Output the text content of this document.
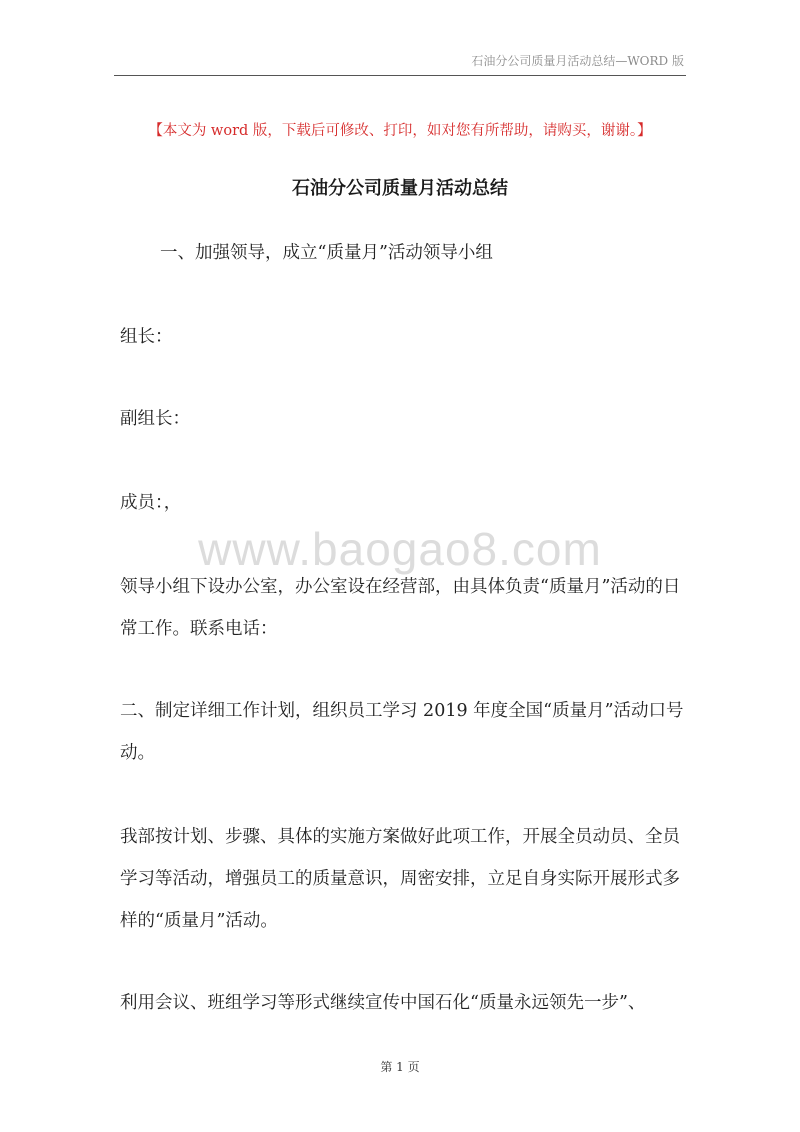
石油分公司质量月活动总结—WORD 版
【本文为 word 版，下载后可修改、打印，如对您有所帮助，请购买，谢谢。】
石油分公司质量月活动总结
一、加强领导，成立“质量月”活动领导小组
组长：
副组长：
成员：，
领导小组下设办公室，办公室设在经营部，由具体负责“质量月”活动的日常工作。联系电话：
二、制定详细工作计划，组织员工学习 2019 年度全国“质量月”活动口号动。
我部按计划、步骤、具体的实施方案做好此项工作，开展全员动员、全员学习等活动，增强员工的质量意识，周密安排，立足自身实际开展形式多样的“质量月”活动。
利用会议、班组学习等形式继续宣传中国石化“质量永远领先一步”、
www.baogao8.com
第 1 页
